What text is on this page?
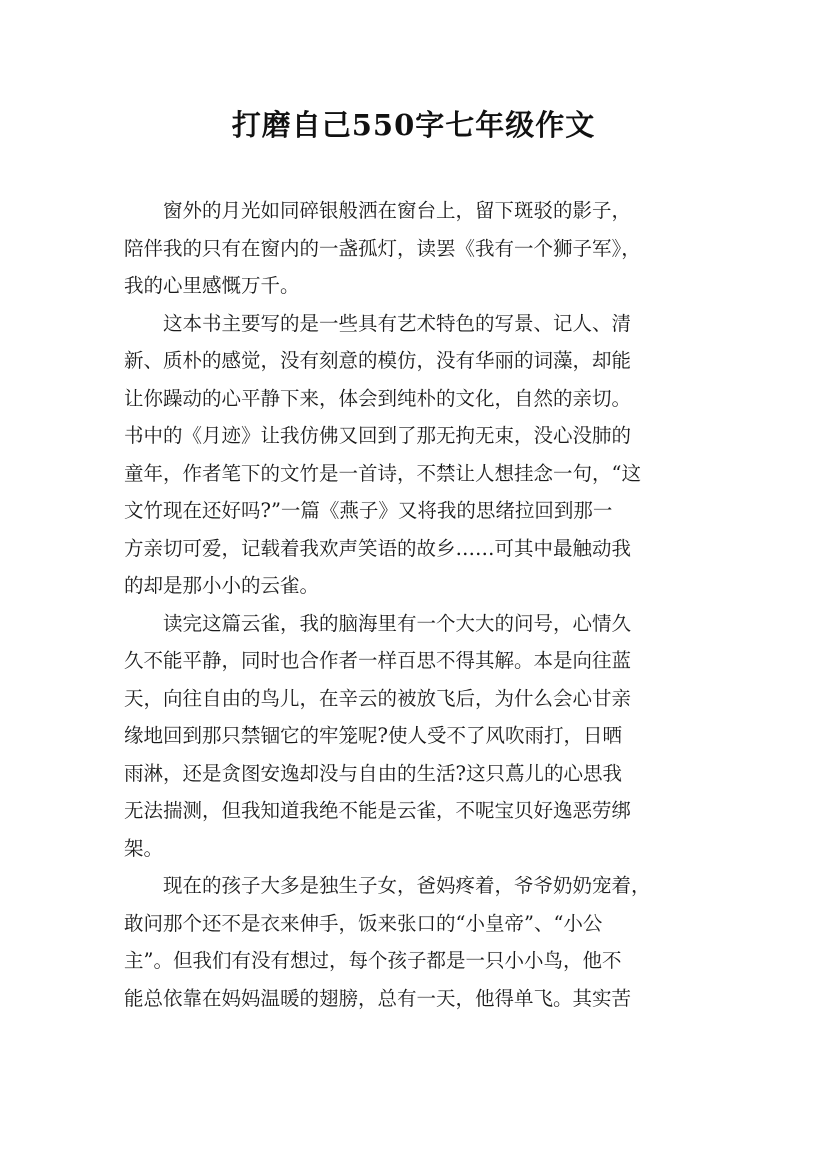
打磨自己550字七年级作文

窗外的月光如同碎银般洒在窗台上，留下斑驳的影子，
陪伴我的只有在窗内的一盏孤灯，读罢《我有一个狮子军》，
我的心里感慨万千。

这本书主要写的是一些具有艺术特色的写景、记人、清
新、质朴的感觉，没有刻意的模仿，没有华丽的词藻，却能
让你躁动的心平静下来，体会到纯朴的文化，自然的亲切。
书中的《月迹》让我仿佛又回到了那无拘无束，没心没肺的
童年，作者笔下的文竹是一首诗，不禁让人想挂念一句，“这
文竹现在还好吗?”一篇《燕子》又将我的思绪拉回到那一
方亲切可爱，记载着我欢声笑语的故乡……可其中最触动我
的却是那小小的云雀。

读完这篇云雀，我的脑海里有一个大大的问号，心情久
久不能平静，同时也合作者一样百思不得其解。本是向往蓝
天，向往自由的鸟儿，在辛云的被放飞后，为什么会心甘亲
缘地回到那只禁锢它的牢笼呢?使人受不了风吹雨打，日晒
雨淋，还是贪图安逸却没与自由的生活?这只蔦儿的心思我
无法揣测，但我知道我绝不能是云雀，不呢宝贝好逸恶劳绑
架。

现在的孩子大多是独生子女，爸妈疼着，爷爷奶奶宠着，
敢问那个还不是衣来伸手，饭来张口的“小皇帝”、“小公
主”。但我们有没有想过，每个孩子都是一只小小鸟，他不
能总依靠在妈妈温暖的翅膀，总有一天，他得单飞。其实苦
